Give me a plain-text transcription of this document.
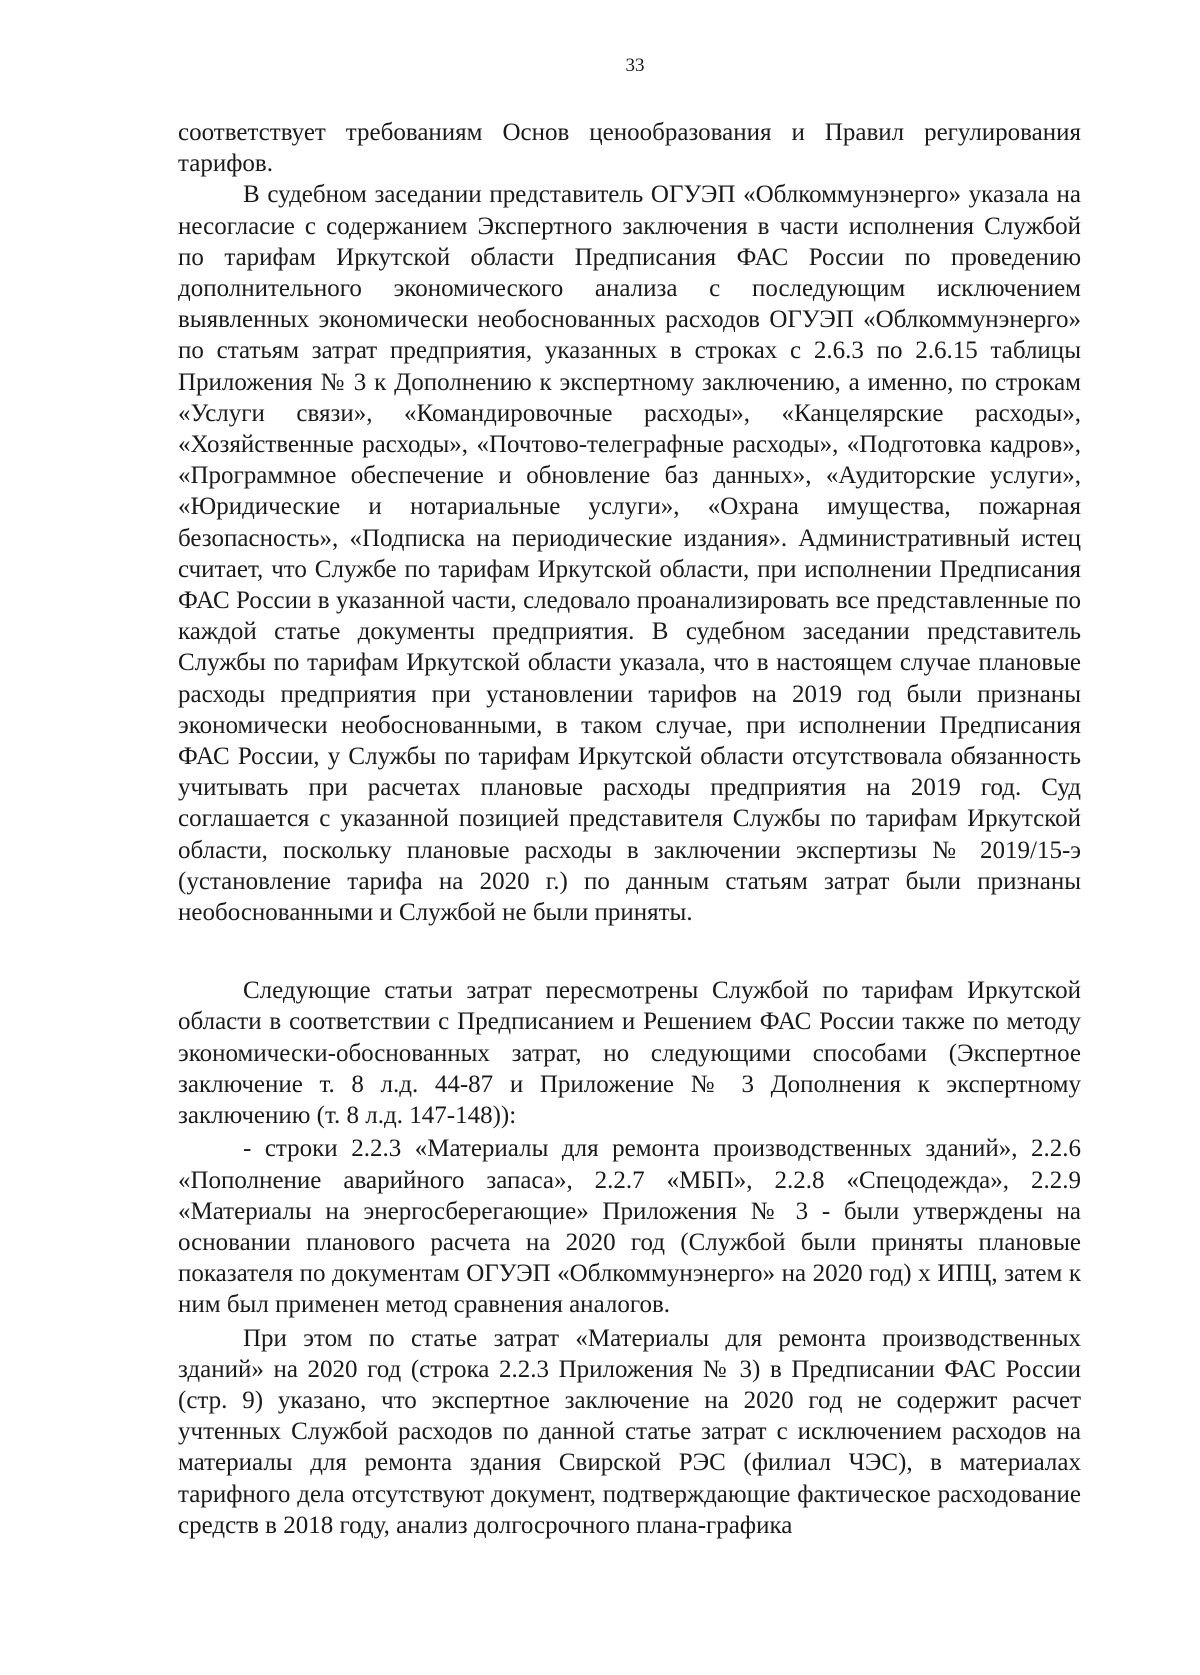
33

соответствует требованиям Основ ценообразования и Правил регулирования тарифов.

В судебном заседании представитель ОГУЭП «Облкоммунэнерго» указала на несогласие с содержанием Экспертного заключения в части исполнения Службой по тарифам Иркутской области Предписания ФАС России по проведению дополнительного экономического анализа с последующим исключением выявленных экономически необоснованных расходов ОГУЭП «Облкоммунэнерго» по статьям затрат предприятия, указанных в строках с 2.6.3 по 2.6.15 таблицы Приложения № 3 к Дополнению к экспертному заключению, а именно, по строкам «Услуги связи», «Командировочные расходы», «Канцелярские расходы», «Хозяйственные расходы», «Почтово-телеграфные расходы», «Подготовка кадров», «Программное обеспечение и обновление баз данных», «Аудиторские услуги», «Юридические и нотариальные услуги», «Охрана имущества, пожарная безопасность», «Подписка на периодические издания». Административный истец считает, что Службе по тарифам Иркутской области, при исполнении Предписания ФАС России в указанной части, следовало проанализировать все представленные по каждой статье документы предприятия. В судебном заседании представитель Службы по тарифам Иркутской области указала, что в настоящем случае плановые расходы предприятия при установлении тарифов на 2019 год были признаны экономически необоснованными, в таком случае, при исполнении Предписания ФАС России, у Службы по тарифам Иркутской области отсутствовала обязанность учитывать при расчетах плановые расходы предприятия на 2019 год. Суд соглашается с указанной позицией представителя Службы по тарифам Иркутской области, поскольку плановые расходы в заключении экспертизы № 2019/15-э (установление тарифа на 2020 г.) по данным статьям затрат были признаны необоснованными и Службой не были приняты.

Следующие статьи затрат пересмотрены Службой по тарифам Иркутской области в соответствии с Предписанием и Решением ФАС России также по методу экономически-обоснованных затрат, но следующими способами (Экспертное заключение т. 8 л.д. 44-87 и Приложение № 3 Дополнения к экспертному заключению (т. 8 л.д. 147-148)):

- строки 2.2.3 «Материалы для ремонта производственных зданий», 2.2.6 «Пополнение аварийного запаса», 2.2.7 «МБП», 2.2.8 «Спецодежда», 2.2.9 «Материалы на энергосберегающие» Приложения № 3 - были утверждены на основании планового расчета на 2020 год (Службой были приняты плановые показателя по документам ОГУЭП «Облкоммунэнерго» на 2020 год) х ИПЦ, затем к ним был применен метод сравнения аналогов.

При этом по статье затрат «Материалы для ремонта производственных зданий» на 2020 год (строка 2.2.3 Приложения № 3) в Предписании ФАС России (стр. 9) указано, что экспертное заключение на 2020 год не содержит расчет учтенных Службой расходов по данной статье затрат с исключением расходов на материалы для ремонта здания Свирской РЭС (филиал ЧЭС), в материалах тарифного дела отсутствуют документ, подтверждающие фактическое расходование средств в 2018 году, анализ долгосрочного плана-графика
